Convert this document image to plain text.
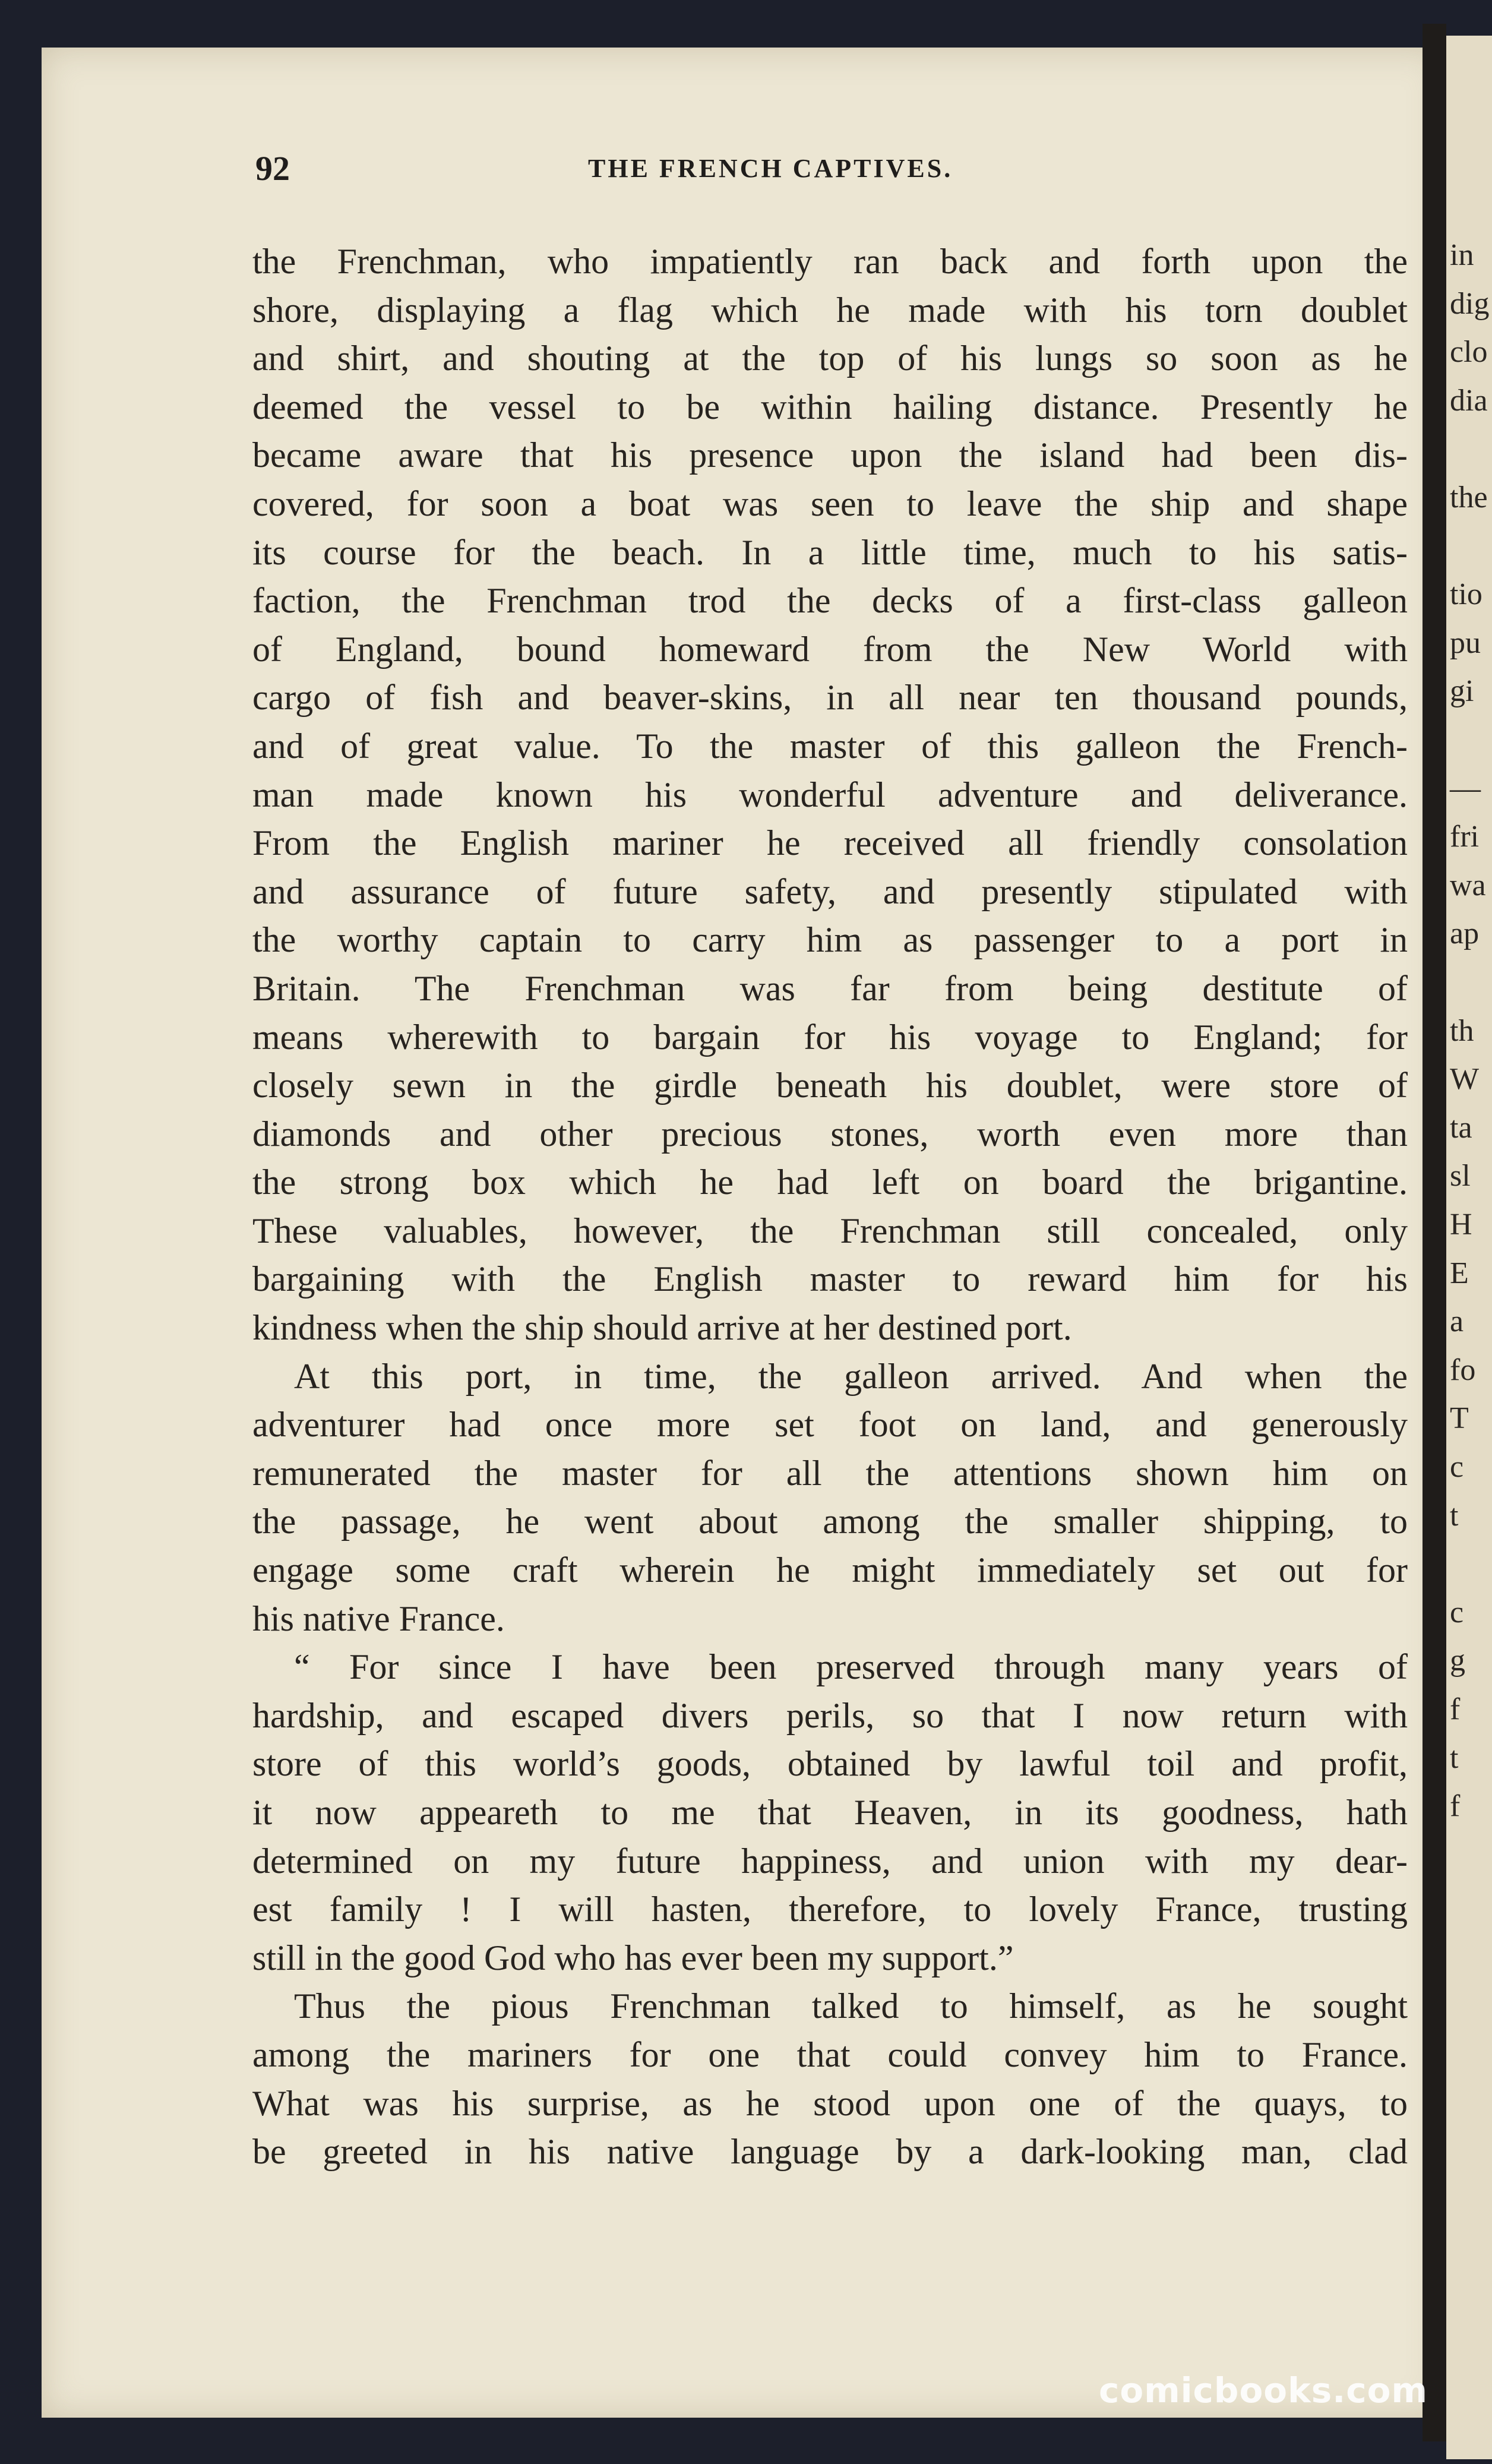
92	THE FRENCH CAPTIVES.
the Frenchman, who impatiently ran back and forth upon the
shore, displaying a flag which he made with his torn doublet
and shirt, and shouting at the top of his lungs so soon as he
deemed the vessel to be within hailing distance. Presently he
became aware that his presence upon the island had been dis-
covered, for soon a boat was seen to leave the ship and shape
its course for the beach. In a little time, much to his satis-
faction, the Frenchman trod the decks of a first-class galleon
of England, bound homeward from the New World with
cargo of fish and beaver-skins, in all near ten thousand pounds,
and of great value. To the master of this galleon the French-
man made known his wonderful adventure and deliverance.
From the English mariner he received all friendly consolation
and assurance of future safety, and presently stipulated with
the worthy captain to carry him as passenger to a port in
Britain. The Frenchman was far from being destitute of
means wherewith to bargain for his voyage to England; for
closely sewn in the girdle beneath his doublet, were store of
diamonds and other precious stones, worth even more than
the strong box which he had left on board the brigantine.
These valuables, however, the Frenchman still concealed, only
bargaining with the English master to reward him for his
kindness when the ship should arrive at her destined port.
At this port, in time, the galleon arrived. And when the
adventurer had once more set foot on land, and generously
remunerated the master for all the attentions shown him on
the passage, he went about among the smaller shipping, to
engage some craft wherein he might immediately set out for
his native France.
“ For since I have been preserved through many years of
hardship, and escaped divers perils, so that I now return with
store of this world’s goods, obtained by lawful toil and profit,
it now appeareth to me that Heaven, in its goodness, hath
determined on my future happiness, and union with my dear-
est family ! I will hasten, therefore, to lovely France, trusting
still in the good God who has ever been my support.”
Thus the pious Frenchman talked to himself, as he sought
among the mariners for one that could convey him to France.
What was his surprise, as he stood upon one of the quays, to
be greeted in his native language by a dark-looking man, clad
in
dig
clo
dia
the
tio
pu
gi
—
fri
wa
ap
th
W
ta
sl
H
E
a
fo
T
c
t
c
g
f
t
f
comicbooks.com
